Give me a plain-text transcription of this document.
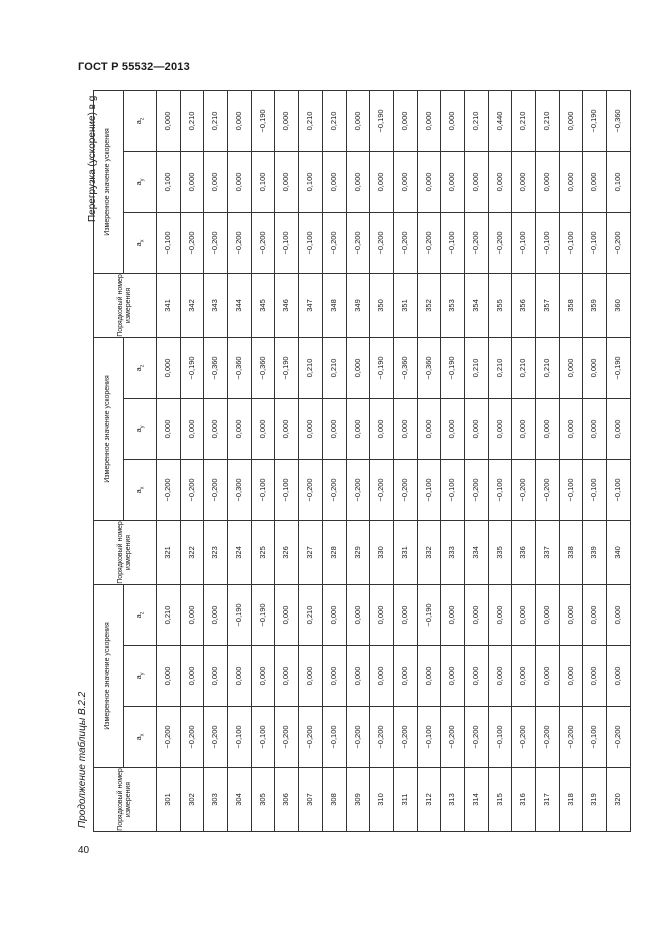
ГОСТ Р 55532—2013
Продолжение таблицы В.2.2
Перегрузка (ускорение) в g
Порядковый номер измерения	Измеренное значение ускорения			Порядковый номер измерения	Измеренное значение ускорения			Порядковый номер измерения	Измеренное значение ускорения		
	$a_x$	$a_y$	$a_z$		$a_x$	$a_y$	$a_z$		$a_x$	$a_y$	$a_z$
301	−0,200	0,000	0,210	321	−0,200	0,000	0,000	341	−0,100	0,100	0,000
302	−0,200	0,000	0,000	322	−0,200	0,000	−0,190	342	−0,200	0,000	0,210
303	−0,200	0,000	0,000	323	−0,200	0,000	−0,360	343	−0,200	0,000	0,210
304	−0,100	0,000	−0,190	324	−0,300	0,000	−0,360	344	−0,200	0,000	0,000
305	−0,100	0,000	−0,190	325	−0,100	0,000	−0,360	345	−0,200	0,100	−0,190
306	−0,200	0,000	0,000	326	−0,100	0,000	−0,190	346	−0,100	0,000	0,000
307	−0,200	0,000	0,210	327	−0,200	0,000	0,210	347	−0,100	0,100	0,210
308	−0,100	0,000	0,000	328	−0,200	0,000	0,210	348	−0,200	0,000	0,210
309	−0,200	0,000	0,000	329	−0,200	0,000	0,000	349	−0,200	0,000	0,000
310	−0,200	0,000	0,000	330	−0,200	0,000	−0,190	350	−0,200	0,000	−0,190
311	−0,200	0,000	0,000	331	−0,200	0,000	−0,360	351	−0,200	0,000	0,000
312	−0,100	0,000	−0,190	332	−0,100	0,000	−0,360	352	−0,200	0,000	0,000
313	−0,200	0,000	0,000	333	−0,100	0,000	−0,190	353	−0,100	0,000	0,000
314	−0,200	0,000	0,000	334	−0,200	0,000	0,210	354	−0,200	0,000	0,210
315	−0,100	0,000	0,000	335	−0,100	0,000	0,210	355	−0,200	0,000	0,440
316	−0,200	0,000	0,000	336	−0,200	0,000	0,210	356	−0,100	0,000	0,210
317	−0,200	0,000	0,000	337	−0,200	0,000	0,210	357	−0,100	0,000	0,210
318	−0,200	0,000	0,000	338	−0,100	0,000	0,000	358	−0,100	0,000	0,000
319	−0,100	0,000	0,000	339	−0,100	0,000	0,000	359	−0,100	0,000	−0,190
320	−0,200	0,000	0,000	340	−0,100	0,000	−0,190	360	−0,200	0,100	−0,360
40
